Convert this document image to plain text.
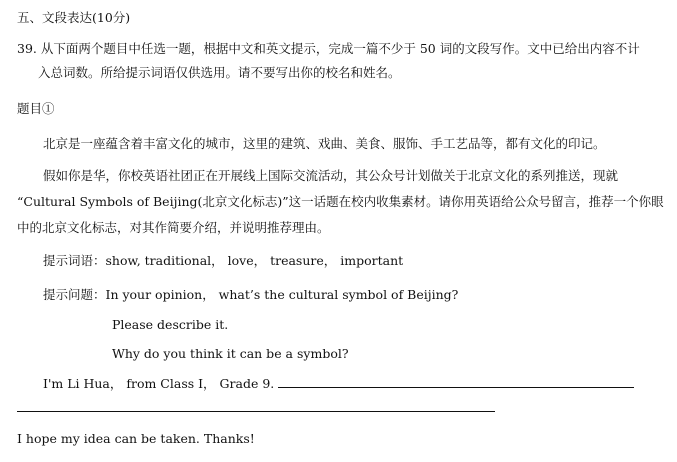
五、文段表达(10分)
39. 从下面两个题目中任选一题，根据中文和英文提示，完成一篇不少于 50 词的文段写作。文中已给出内容不计
入总词数。所给提示词语仅供选用。请不要写出你的校名和姓名。
题目①
北京是一座蕴含着丰富文化的城市，这里的建筑、戏曲、美食、服饰、手工艺品等，都有文化的印记。
假如你是华，你校英语社团正在开展线上国际交流活动，其公众号计划做关于北京文化的系列推送，现就
“Cultural Symbols of Beijing(北京文化标志)”这一话题在校内收集素材。请你用英语给公众号留言，推荐一个你眼
中的北京文化标志，对其作简要介绍，并说明推荐理由。
提示词语：show, traditional， love， treasure， important
提示问题：In your opinion， what’s the cultural symbol of Beijing?
Please describe it.
Why do you think it can be a symbol?
I'm Li Hua， from Class I， Grade 9.
I hope my idea can be taken. Thanks!
